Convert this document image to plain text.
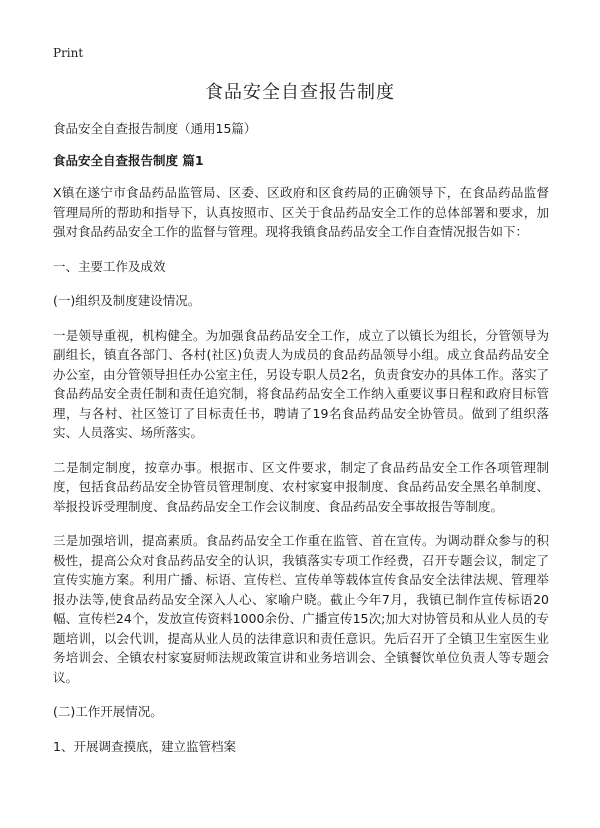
Print
食品安全自查报告制度
食品安全自查报告制度（通用15篇）
食品安全自查报告制度 篇1

X镇在遂宁市食品药品监管局、区委、区政府和区食药局的正确领导下，在食品药品监督管理局所的帮助和指导下，认真按照市、区关于食品药品安全工作的总体部署和要求，加强对食品药品安全工作的监督与管理。现将我镇食品药品安全工作自查情况报告如下：

一、主要工作及成效

(一)组织及制度建设情况。

一是领导重视，机构健全。为加强食品药品安全工作，成立了以镇长为组长，分管领导为副组长，镇直各部门、各村(社区)负责人为成员的食品药品领导小组。成立食品药品安全办公室，由分管领导担任办公室主任，另设专职人员2名，负责食安办的具体工作。落实了食品药品安全责任制和责任追究制，将食品药品安全工作纳入重要议事日程和政府目标管理，与各村、社区签订了目标责任书，聘请了19名食品药品安全协管员。做到了组织落实、人员落实、场所落实。

二是制定制度，按章办事。根据市、区文件要求，制定了食品药品安全工作各项管理制度，包括食品药品安全协管员管理制度、农村家宴申报制度、食品药品安全黑名单制度、举报投诉受理制度、食品药品安全工作会议制度、食品药品安全事故报告等制度。

三是加强培训，提高素质。食品药品安全工作重在监管、首在宣传。为调动群众参与的积极性，提高公众对食品药品安全的认识，我镇落实专项工作经费，召开专题会议，制定了宣传实施方案。利用广播、标语、宣传栏、宣传单等载体宣传食品安全法律法规、管理举报办法等,使食品药品安全深入人心、家喻户晓。截止今年7月，我镇已制作宣传标语20幅、宣传栏24个，发放宣传资料1000余份、广播宣传15次;加大对协管员和从业人员的专题培训，以会代训，提高从业人员的法律意识和责任意识。先后召开了全镇卫生室医生业务培训会、全镇农村家宴厨师法规政策宣讲和业务培训会、全镇餐饮单位负责人等专题会议。

(二)工作开展情况。

1、开展调查摸底，建立监管档案
